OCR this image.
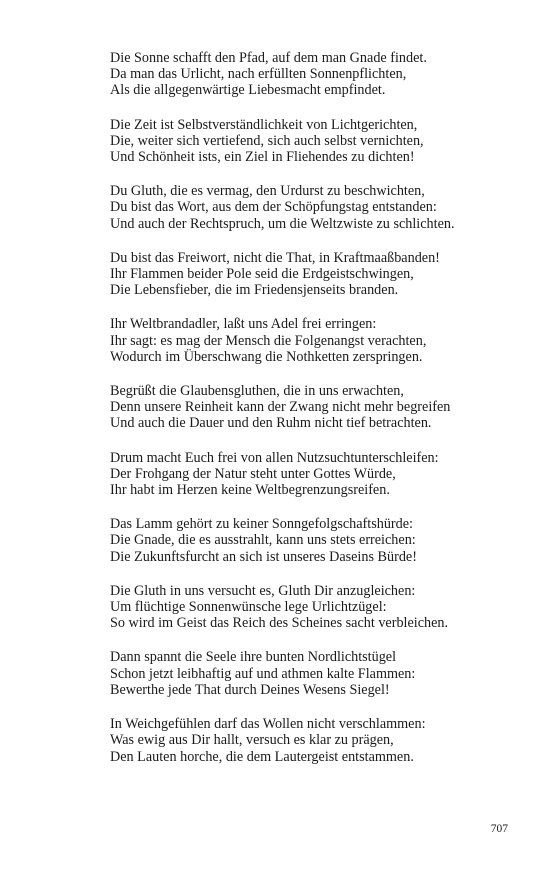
Die Sonne schafft den Pfad, auf dem man Gnade findet.
Da man das Urlicht, nach erfüllten Sonnenpflichten,
Als die allgegenwärtige Liebesmacht empfindet.
Die Zeit ist Selbstverständlichkeit von Lichtgerichten,
Die, weiter sich vertiefend, sich auch selbst vernichten,
Und Schönheit ists, ein Ziel in Fliehendes zu dichten!
Du Gluth, die es vermag, den Urdurst zu beschwichten,
Du bist das Wort, aus dem der Schöpfungstag entstanden:
Und auch der Rechtspruch, um die Weltzwiste zu schlichten.
Du bist das Freiwort, nicht die That, in Kraftmaaßbanden!
Ihr Flammen beider Pole seid die Erdgeistschwingen,
Die Lebensfieber, die im Friedensjenseits branden.
Ihr Weltbrandadler, laßt uns Adel frei erringen:
Ihr sagt: es mag der Mensch die Folgenangst verachten,
Wodurch im Überschwang die Nothketten zerspringen.
Begrüßt die Glaubensgluthen, die in uns erwachten,
Denn unsere Reinheit kann der Zwang nicht mehr begreifen
Und auch die Dauer und den Ruhm nicht tief betrachten.
Drum macht Euch frei von allen Nutzsuchtunterschleifen:
Der Frohgang der Natur steht unter Gottes Würde,
Ihr habt im Herzen keine Weltbegrenzungsreifen.
Das Lamm gehört zu keiner Sonngefolgschaftshürde:
Die Gnade, die es ausstrahlt, kann uns stets erreichen:
Die Zukunftsfurcht an sich ist unseres Daseins Bürde!
Die Gluth in uns versucht es, Gluth Dir anzugleichen:
Um flüchtige Sonnenwünsche lege Urlichtzügel:
So wird im Geist das Reich des Scheines sacht verbleichen.
Dann spannt die Seele ihre bunten Nordlichtstügel
Schon jetzt leibhaftig auf und athmen kalte Flammen:
Bewerthe jede That durch Deines Wesens Siegel!
In Weichgefühlen darf das Wollen nicht verschlammen:
Was ewig aus Dir hallt, versuch es klar zu prägen,
Den Lauten horche, die dem Lautergeist entstammen.
707
